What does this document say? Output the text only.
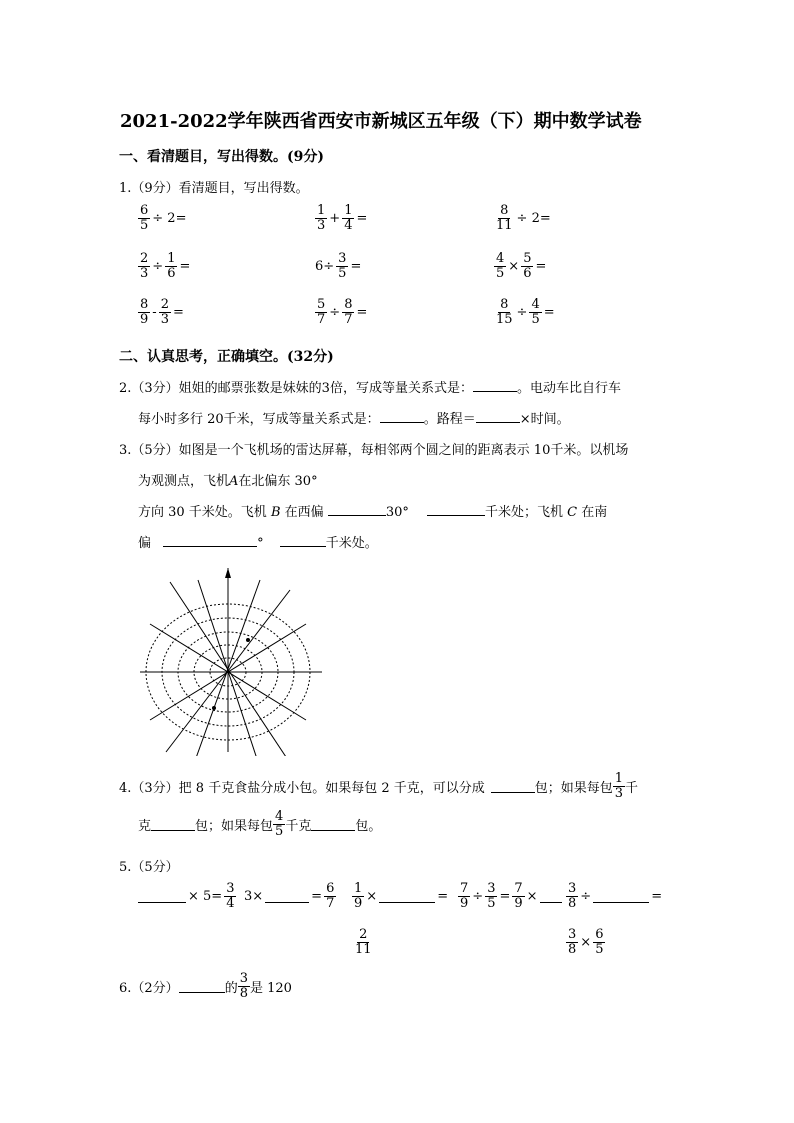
2021-2022学年陕西省西安市新城区五年级（下）期中数学试卷
一、看清题目，写出得数。(9分)
1.（9分）看清题目，写出得数。
$\frac{6}{5} \div 2=$	$\frac{1}{3} + \frac{1}{4}$ =	$\frac{8}{11} \div 2=$
$\frac{2}{3} \div \frac{1}{6}$ =	$6\div \frac{3}{5}$ =	$\frac{4}{5} \times \frac{5}{6}$ =
$\frac{8}{9} - \frac{2}{3}$ =	$\frac{5}{7} \div \frac{8}{7}$ =	$\frac{8}{15} \div \frac{4}{5}$ =
二、认真思考，正确填空。(32分)
2.（3分）姐姐的邮票张数是妹妹的3倍，写成等量关系式是：	。电动车比自行车
每小时多行 20千米，写成等量关系式是：	。路程＝	×时间。
3.（5分）如图是一个飞机场的雷达屏幕，每相邻两个圆之间的距离表示 10千米。以机场
为观测点，飞机A在北偏东 30°
方向 30 千米处。飞机 B 在西偏	30°	千米处；飞机 C 在南
偏	°	千米处。
4.（3分）把 8 千克食盐分成小包。如果每包 2 千克，可以分成	包；如果每包 $\frac{1}{3}$ 千
克	包；如果每包 $\frac{4}{5}$ 千克	包。
5.（5分）
× $5= \frac{3}{4} 3\times$	= $\frac{6}{7} \frac{1}{9}$ ×	=
$\frac{2}{11}$
$\frac{7}{9} \div \frac{3}{5} = \frac{7}{9} \times \frac{3}{8}$ ÷	=
$\frac{3}{8} \times \frac{6}{5}$
6.（2分）	的 $\frac{3}{8}$ 是 120
